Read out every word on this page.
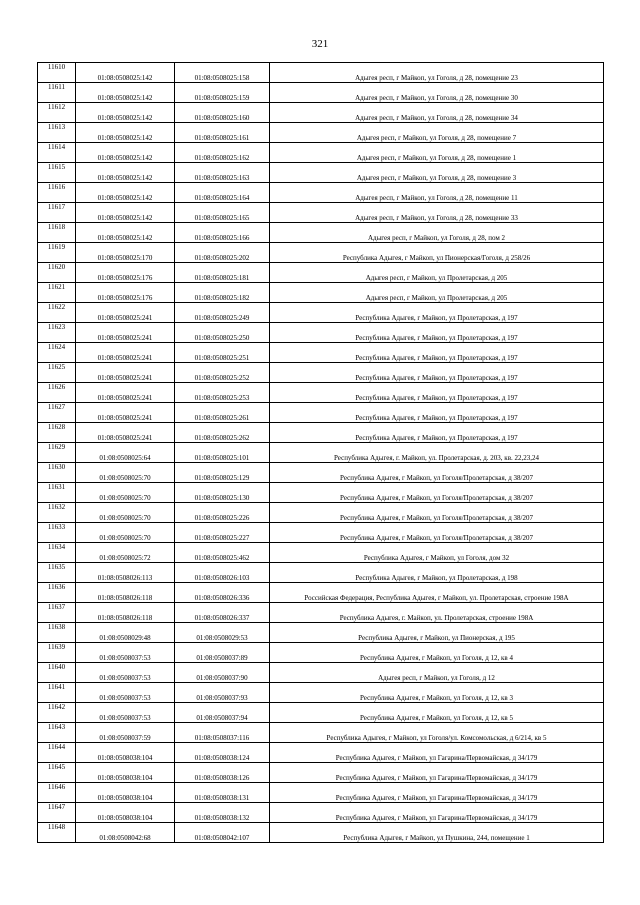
321
11610	01:08:0508025:142	01:08:0508025:158	Адыгея респ, г Майкоп, ул Гоголя, д 28, помещение 23
11611	01:08:0508025:142	01:08:0508025:159	Адыгея респ, г Майкоп, ул Гоголя, д 28, помещение 30
11612	01:08:0508025:142	01:08:0508025:160	Адыгея респ, г Майкоп, ул Гоголя, д 28, помещение 34
11613	01:08:0508025:142	01:08:0508025:161	Адыгея респ, г Майкоп, ул Гоголя, д 28, помещение 7
11614	01:08:0508025:142	01:08:0508025:162	Адыгея респ, г Майкоп, ул Гоголя, д 28, помещение 1
11615	01:08:0508025:142	01:08:0508025:163	Адыгея респ, г Майкоп, ул Гоголя, д 28, помещение 3
11616	01:08:0508025:142	01:08:0508025:164	Адыгея респ, г Майкоп, ул Гоголя, д 28, помещение 11
11617	01:08:0508025:142	01:08:0508025:165	Адыгея респ, г Майкоп, ул Гоголя, д 28, помещение 33
11618	01:08:0508025:142	01:08:0508025:166	Адыгея респ, г Майкоп, ул Гоголя, д 28, пом 2
11619	01:08:0508025:170	01:08:0508025:202	Республика Адыгея, г Майкоп, ул Пионерская/Гоголя, д 258/26
11620	01:08:0508025:176	01:08:0508025:181	Адыгея респ, г Майкоп, ул Пролетарская, д 205
11621	01:08:0508025:176	01:08:0508025:182	Адыгея респ, г Майкоп, ул Пролетарская, д 205
11622	01:08:0508025:241	01:08:0508025:249	Республика Адыгея, г Майкоп, ул Пролетарская, д 197
11623	01:08:0508025:241	01:08:0508025:250	Республика Адыгея, г Майкоп, ул Пролетарская, д 197
11624	01:08:0508025:241	01:08:0508025:251	Республика Адыгея, г Майкоп, ул Пролетарская, д 197
11625	01:08:0508025:241	01:08:0508025:252	Республика Адыгея, г Майкоп, ул Пролетарская, д 197
11626	01:08:0508025:241	01:08:0508025:253	Республика Адыгея, г Майкоп, ул Пролетарская, д 197
11627	01:08:0508025:241	01:08:0508025:261	Республика Адыгея, г Майкоп, ул Пролетарская, д 197
11628	01:08:0508025:241	01:08:0508025:262	Республика Адыгея, г Майкоп, ул Пролетарская, д 197
11629	01:08:0508025:64	01:08:0508025:101	Республика Адыгея, г. Майкоп, ул. Пролетарская, д. 203, кв. 22,23,24
11630	01:08:0508025:70	01:08:0508025:129	Республика Адыгея, г Майкоп, ул Гоголя/Пролетарская, д 38/207
11631	01:08:0508025:70	01:08:0508025:130	Республика Адыгея, г Майкоп, ул Гоголя/Пролетарская, д 38/207
11632	01:08:0508025:70	01:08:0508025:226	Республика Адыгея, г Майкоп, ул Гоголя/Пролетарская, д 38/207
11633	01:08:0508025:70	01:08:0508025:227	Республика Адыгея, г Майкоп, ул Гоголя/Пролетарская, д 38/207
11634	01:08:0508025:72	01:08:0508025:462	Республика Адыгея, г Майкоп, ул Гоголя, дом 32
11635	01:08:0508026:113	01:08:0508026:103	Республика Адыгея, г Майкоп, ул Пролетарская, д 198
11636	01:08:0508026:118	01:08:0508026:336	Российская Федерация, Республика Адыгея, г Майкоп, ул. Пролетарская, строение 198А
11637	01:08:0508026:118	01:08:0508026:337	Республика Адыгея, г. Майкоп, ул. Пролетарская, строение 198А
11638	01:08:0508029:48	01:08:0508029:53	Республика Адыгея, г Майкоп, ул Пионерская, д 195
11639	01:08:0508037:53	01:08:0508037:89	Республика Адыгея, г Майкоп, ул Гоголя, д 12, кв 4
11640	01:08:0508037:53	01:08:0508037:90	Адыгея респ, г Майкоп, ул Гоголя, д 12
11641	01:08:0508037:53	01:08:0508037:93	Республика Адыгея, г Майкоп, ул Гоголя, д 12, кв 3
11642	01:08:0508037:53	01:08:0508037:94	Республика Адыгея, г Майкоп, ул Гоголя, д 12, кв 5
11643	01:08:0508037:59	01:08:0508037:116	Республика Адыгея, г Майкоп, ул Гоголя/ул. Комсомольская, д 6/214, кв 5
11644	01:08:0508038:104	01:08:0508038:124	Республика Адыгея, г Майкоп, ул Гагарина/Первомайская, д 34/179
11645	01:08:0508038:104	01:08:0508038:126	Республика Адыгея, г Майкоп, ул Гагарина/Первомайская, д 34/179
11646	01:08:0508038:104	01:08:0508038:131	Республика Адыгея, г Майкоп, ул Гагарина/Первомайская, д 34/179
11647	01:08:0508038:104	01:08:0508038:132	Республика Адыгея, г Майкоп, ул Гагарина/Первомайская, д 34/179
11648	01:08:0508042:68	01:08:0508042:107	Республика Адыгея, г Майкоп, ул Пушкина, 244, помещение 1
